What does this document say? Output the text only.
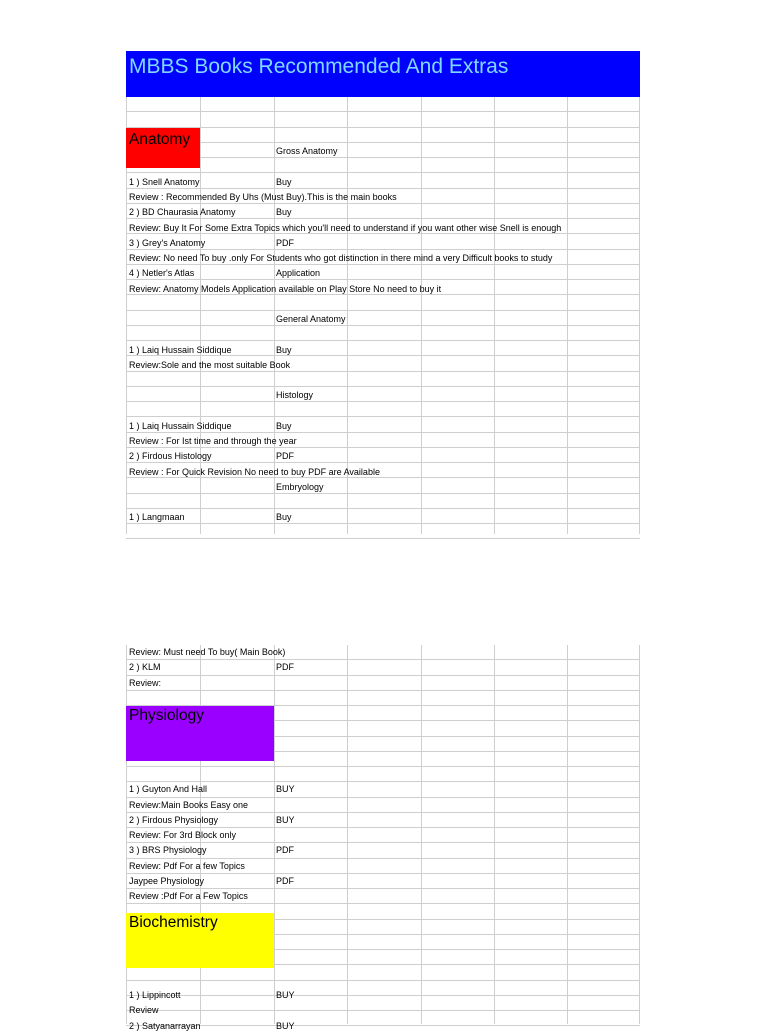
MBBS Books Recommended And Extras
Anatomy
Gross Anatomy
1 ) Snell Anatomy	Buy
Review : Recommended By Uhs (Must Buy).This is the main books
2 ) BD Chaurasia Anatomy	Buy
Review: Buy It For Some Extra Topics which you'll need to understand if you want other wise Snell is enough
3 ) Grey's Anatomy	PDF
Review: No need To buy .only For Students who got distinction in there mind a very Difficult books to study
4 ) Netler's Atlas	Application
Review: Anatomy Models Application available on Play Store No need to buy it
General Anatomy
1 ) Laiq Hussain Siddique	Buy
Review:Sole and the most suitable Book
Histology
1 ) Laiq Hussain Siddique	Buy
Review : For Ist time and through the year
2 ) Firdous Histology	PDF
Review : For Quick Revision No need to buy PDF are Available
Embryology
1 ) Langmaan	Buy
Physiology
Biochemistry
Review: Must need To buy( Main Book)
2 ) KLM	PDF
Review:
1 ) Guyton And Hall	BUY
Review:Main Books Easy one
2 ) Firdous Physiology	BUY
Review: For 3rd Block only
3 ) BRS Physiology	PDF
Review: Pdf For a few Topics
Jaypee Physiology	PDF
Review :Pdf For a Few Topics
1 ) Lippincott	BUY
Review
2 ) Satyanarrayan	BUY
